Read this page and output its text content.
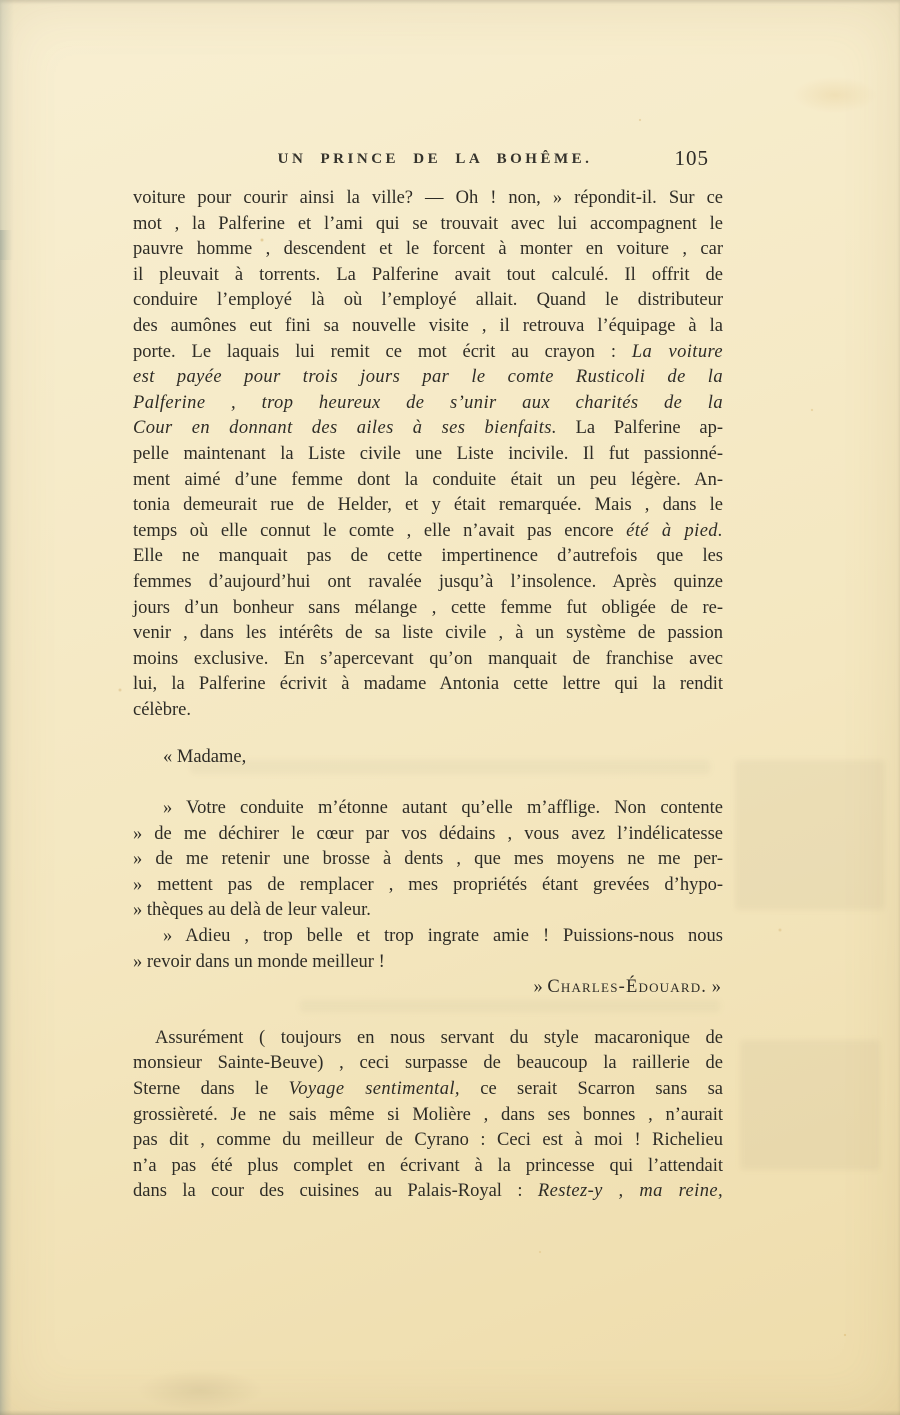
UN PRINCE DE LA BOHÊME.	105
voiture pour courir ainsi la ville? — Oh ! non, » répondit-il. Sur ce
mot , la Palferine et l’ami qui se trouvait avec lui accompagnent le
pauvre homme , descendent et le forcent à monter en voiture , car
il pleuvait à torrents. La Palferine avait tout calculé. Il offrit de
conduire l’employé là où l’employé allait. Quand le distributeur
des aumônes eut fini sa nouvelle visite , il retrouva l’équipage à la
porte. Le laquais lui remit ce mot écrit au crayon : La voiture
est payée pour trois jours par le comte Rusticoli de la
Palferine , trop heureux de s’unir aux charités de la
Cour en donnant des ailes à ses bienfaits. La Palferine ap-
pelle maintenant la Liste civile une Liste incivile. Il fut passionné-
ment aimé d’une femme dont la conduite était un peu légère. An-
tonia demeurait rue de Helder, et y était remarquée. Mais , dans le
temps où elle connut le comte , elle n’avait pas encore été à pied.
Elle ne manquait pas de cette impertinence d’autrefois que les
femmes d’aujourd’hui ont ravalée jusqu’à l’insolence. Après quinze
jours d’un bonheur sans mélange , cette femme fut obligée de re-
venir , dans les intérêts de sa liste civile , à un système de passion
moins exclusive. En s’apercevant qu’on manquait de franchise avec
lui, la Palferine écrivit à madame Antonia cette lettre qui la rendit
célèbre.
« Madame,
» Votre conduite m’étonne autant qu’elle m’afflige. Non contente
» de me déchirer le cœur par vos dédains , vous avez l’indélicatesse
» de me retenir une brosse à dents , que mes moyens ne me per-
» mettent pas de remplacer , mes propriétés étant grevées d’hypo-
» thèques au delà de leur valeur.
» Adieu , trop belle et trop ingrate amie ! Puissions-nous nous
» revoir dans un monde meilleur !
» Charles-Édouard. »
Assurément ( toujours en nous servant du style macaronique de
monsieur Sainte-Beuve) , ceci surpasse de beaucoup la raillerie de
Sterne dans le Voyage sentimental, ce serait Scarron sans sa
grossièreté. Je ne sais même si Molière , dans ses bonnes , n’aurait
pas dit , comme du meilleur de Cyrano : Ceci est à moi ! Richelieu
n’a pas été plus complet en écrivant à la princesse qui l’attendait
dans la cour des cuisines au Palais-Royal : Restez-y , ma reine,
